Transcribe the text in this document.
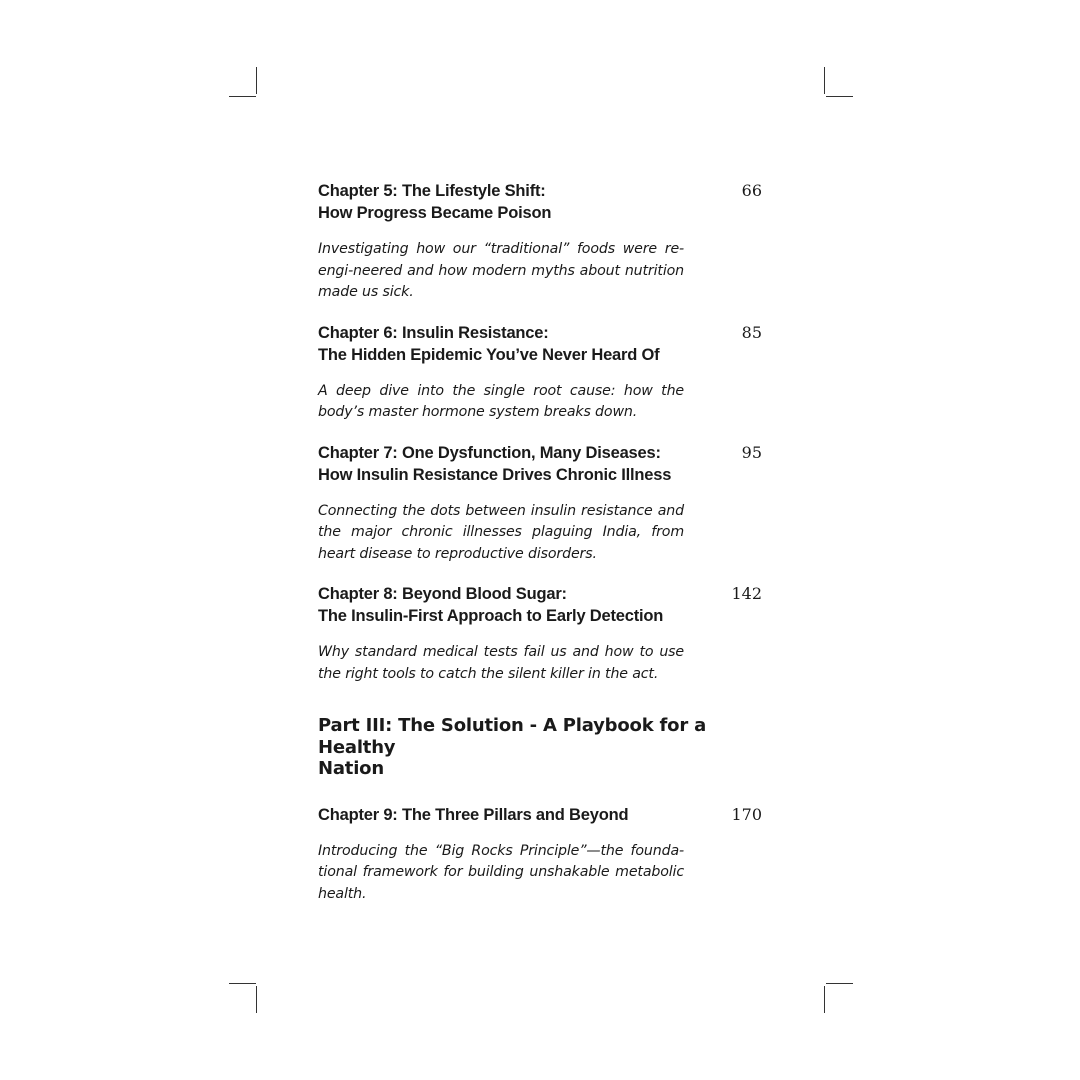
Chapter 5: The Lifestyle Shift:
How Progress Became Poison
66
Investigating how our “traditional” foods were re-engi-neered and how modern myths about nutrition made us sick.
Chapter 6: Insulin Resistance:
The Hidden Epidemic You’ve Never Heard Of
85
A deep dive into the single root cause: how the body’s master hormone system breaks down.
Chapter 7: One Dysfunction, Many Diseases:
How Insulin Resistance Drives Chronic Illness
95
Connecting the dots between insulin resistance and the major chronic illnesses plaguing India, from heart disease to reproductive disorders.
Chapter 8: Beyond Blood Sugar:
The Insulin-First Approach to Early Detection
142
Why standard medical tests fail us and how to use the right tools to catch the silent killer in the act.
Part III: The Solution - A Playbook for a Healthy
Nation
Chapter 9: The Three Pillars and Beyond	170
Introducing the “Big Rocks Principle”—the founda-tional framework for building unshakable metabolic health.
